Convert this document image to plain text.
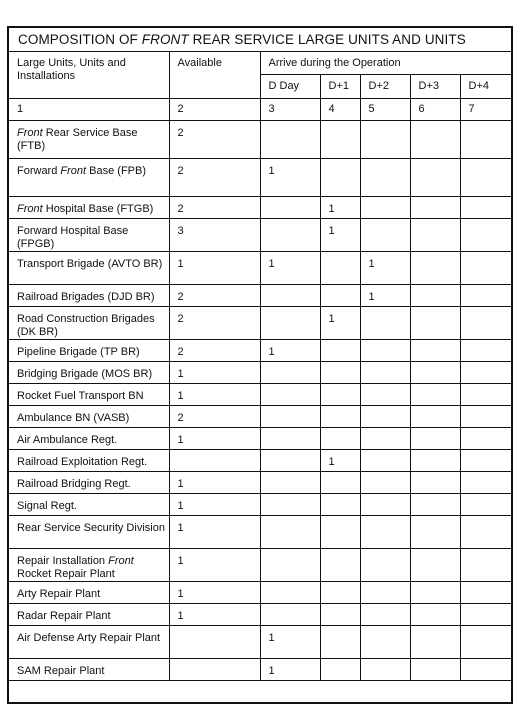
COMPOSITION OF FRONT REAR SERVICE LARGE UNITS AND UNITS
Large Units, Units and Installations	Available	Arrive during the Operation				
		D Day	D+1	D+2	D+3	D+4
1	2	3	4	5	6	7
Front Rear Service Base (FTB)	2					
Forward Front Base (FPB)	2	1				
Front Hospital Base (FTGB)	2		1			
Forward Hospital Base (FPGB)	3		1			
Transport Brigade (AVTO BR)	1	1		1		
Railroad Brigades (DJD BR)	2			1		
Road Construction Brigades (DK BR)	2		1			
Pipeline Brigade (TP BR)	2	1				
Bridging Brigade (MOS BR)	1					
Rocket Fuel Transport BN	1					
Ambulance BN (VASB)	2					
Air Ambulance Regt.	1					
Railroad Exploitation Regt.			1			
Railroad Bridging Regt.	1					
Signal Regt.	1					
Rear Service Security Division	1					
Repair Installation Front Rocket Repair Plant	1					
Arty Repair Plant	1					
Radar Repair Plant	1					
Air Defense Arty Repair Plant		1				
SAM Repair Plant		1				
